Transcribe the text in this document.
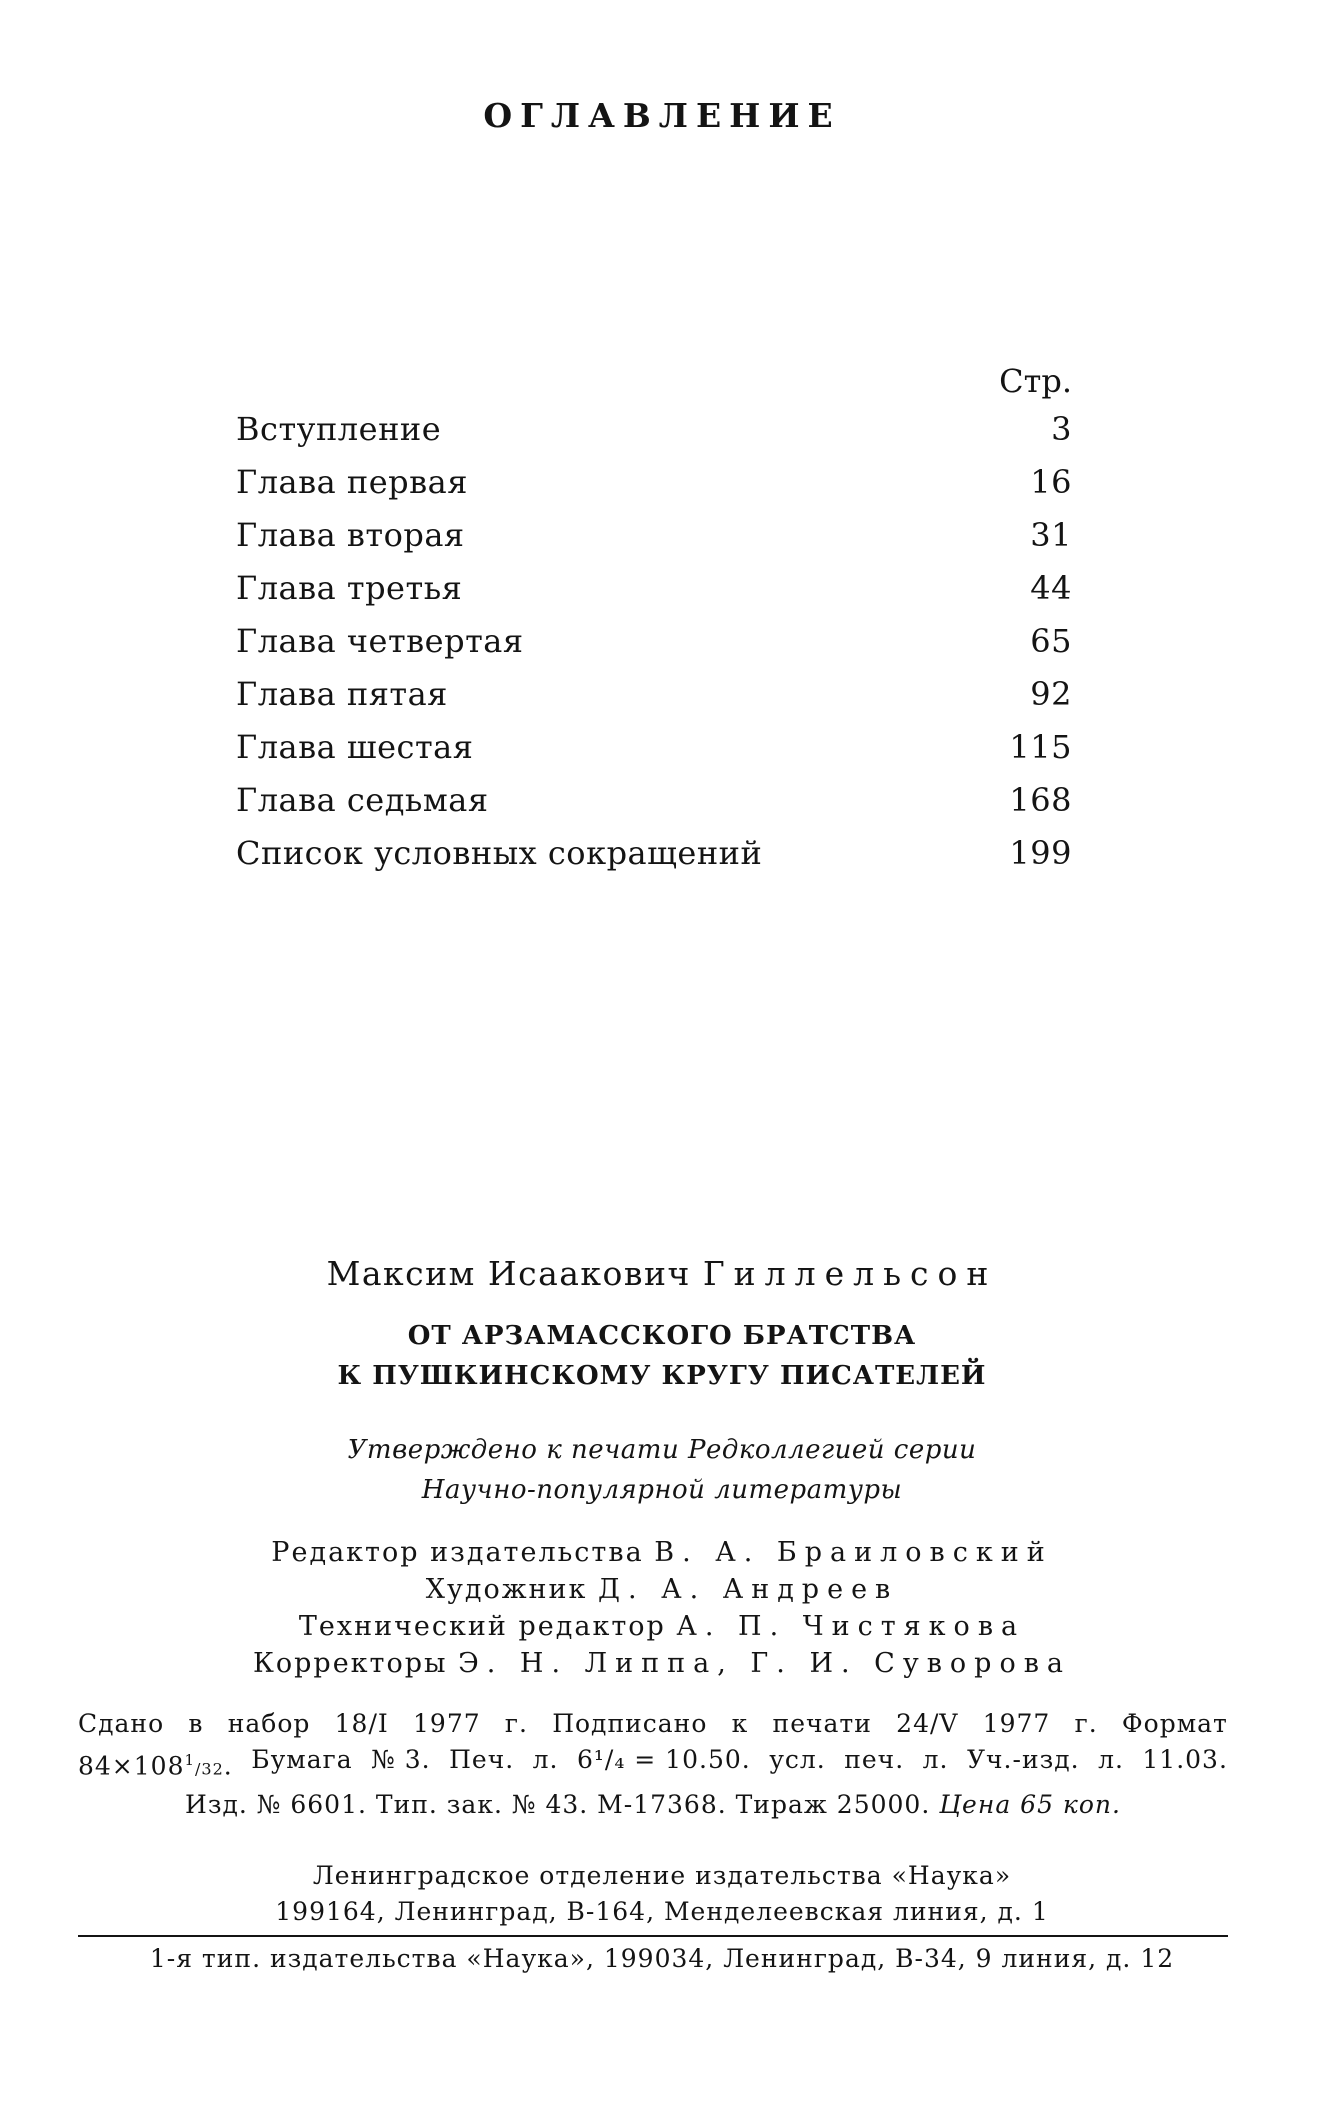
ОГЛАВЛЕНИЕ
Стр.
Вступление	3
Глава первая	16
Глава вторая	31
Глава третья	44
Глава четвертая	65
Глава пятая	92
Глава шестая	115
Глава седьмая	168
Список условных сокращений	199
Максим Исаакович Гиллельсон
ОТ АРЗАМАССКОГО БРАТСТВА
К ПУШКИНСКОМУ КРУГУ ПИСАТЕЛЕЙ
Утверждено к печати Редколлегией серии
Научно-популярной литературы
Редактор издательства В. А. Браиловский
Художник Д. А. Андреев
Технический редактор А. П. Чистякова
Корректоры Э. Н. Липпа, Г. И. Суворова
Сдано в набор 18/I 1977 г. Подписано к печати 24/V 1977 г. Формат
$84\times 108^1/32$. Бумага № 3. Печ. л. 6¹/₄ = 10.50. усл. печ. л. Уч.-изд. л. 11.03.
Изд. № 6601. Тип. зак. № 43. М-17368. Тираж 25000.
Цена 65 коп.
Ленинградское отделение издательства «Наука»
199164, Ленинград, В-164, Менделеевская линия, д. 1
1-я тип. издательства «Наука», 199034, Ленинград, В-34, 9 линия, д. 12
